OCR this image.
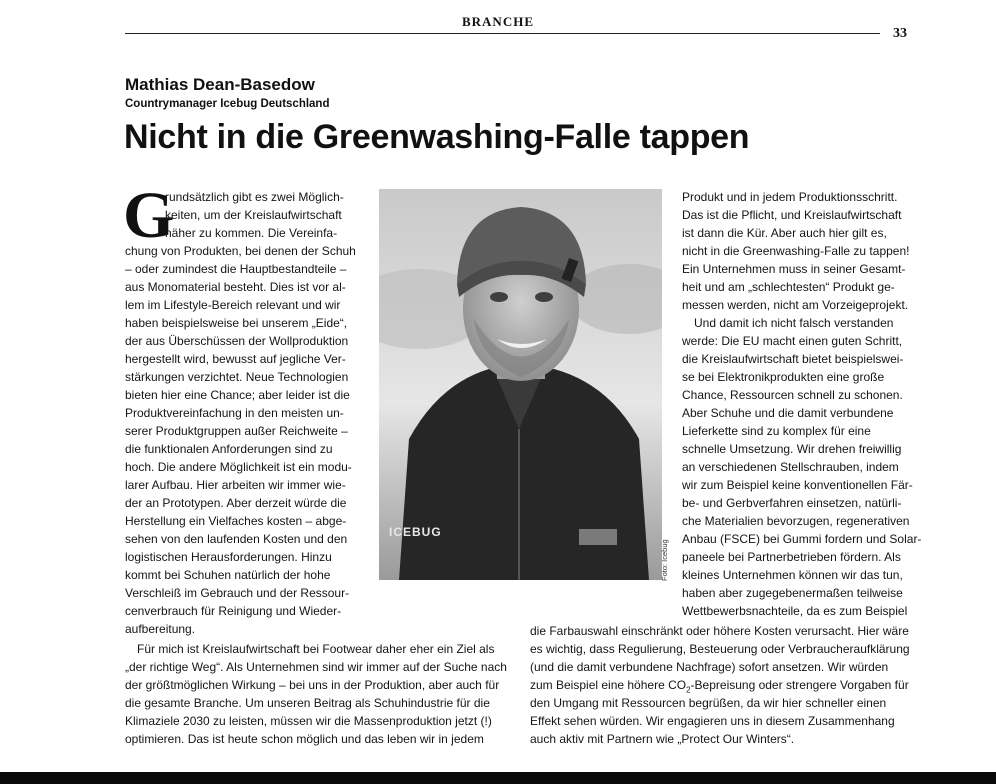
BRANCHE
33
Mathias Dean-Basedow
Countrymanager Icebug Deutschland
Nicht in die Greenwashing-Falle tappen
G
rundsätzlich gibt es zwei Möglich-
keiten, um der Kreislaufwirtschaft
näher zu kommen. Die Vereinfa-
chung von Produkten, bei denen der Schuh
– oder zumindest die Hauptbestandteile –
aus Monomaterial besteht. Dies ist vor al-
lem im Lifestyle-Bereich relevant und wir
haben beispielsweise bei unserem „Eide“,
der aus Überschüssen der Wollproduktion
hergestellt wird, bewusst auf jegliche Ver-
stärkungen verzichtet. Neue Technologien
bieten hier eine Chance; aber leider ist die
Produktvereinfachung in den meisten un-
serer Produktgruppen außer Reichweite –
die funktionalen Anforderungen sind zu
hoch. Die andere Möglichkeit ist ein modu-
larer Aufbau. Hier arbeiten wir immer wie-
der an Prototypen. Aber derzeit würde die
Herstellung ein Vielfaches kosten – abge-
sehen von den laufenden Kosten und den
logistischen Herausforderungen. Hinzu
kommt bei Schuhen natürlich der hohe
Verschleiß im Gebrauch und der Ressour-
cenverbrauch für Reinigung und Wieder-
aufbereitung.
Für mich ist Kreislaufwirtschaft bei Footwear daher eher ein Ziel als
„der richtige Weg“. Als Unternehmen sind wir immer auf der Suche nach
der größtmöglichen Wirkung – bei uns in der Produktion, aber auch für
die gesamte Branche. Um unseren Beitrag als Schuhindustrie für die
Klimaziele 2030 zu leisten, müssen wir die Massenproduktion jetzt (!)
optimieren. Das ist heute schon möglich und das leben wir in jedem
ICEBUG
Foto: Icebug
Produkt und in jedem Produktionsschritt.
Das ist die Pflicht, und Kreislaufwirtschaft
ist dann die Kür. Aber auch hier gilt es,
nicht in die Greenwashing-Falle zu tappen!
Ein Unternehmen muss in seiner Gesamt-
heit und am „schlechtesten“ Produkt ge-
messen werden, nicht am Vorzeigeprojekt.
Und damit ich nicht falsch verstanden
werde: Die EU macht einen guten Schritt,
die Kreislaufwirtschaft bietet beispielswei-
se bei Elektronikprodukten eine große
Chance, Ressourcen schnell zu schonen.
Aber Schuhe und die damit verbundene
Lieferkette sind zu komplex für eine
schnelle Umsetzung. Wir drehen freiwillig
an verschiedenen Stellschrauben, indem
wir zum Beispiel keine konventionellen Fär-
be- und Gerbverfahren einsetzen, natürli-
che Materialien bevorzugen, regenerativen
Anbau (FSCE) bei Gummi fordern und Solar-
paneele bei Partnerbetrieben fördern. Als
kleines Unternehmen können wir das tun,
haben aber zugegebenermaßen teilweise
Wettbewerbsnachteile, da es zum Beispiel
die Farbauswahl einschränkt oder höhere Kosten verursacht. Hier wäre
es wichtig, dass Regulierung, Besteuerung oder Verbraucheraufklärung
(und die damit verbundene Nachfrage) sofort ansetzen. Wir würden
zum Beispiel eine höhere $CO_2$-Bepreisung oder strengere Vorgaben für
den Umgang mit Ressourcen begrüßen, da wir hier schneller einen
Effekt sehen würden. Wir engagieren uns in diesem Zusammenhang
auch aktiv mit Partnern wie „Protect Our Winters“.
